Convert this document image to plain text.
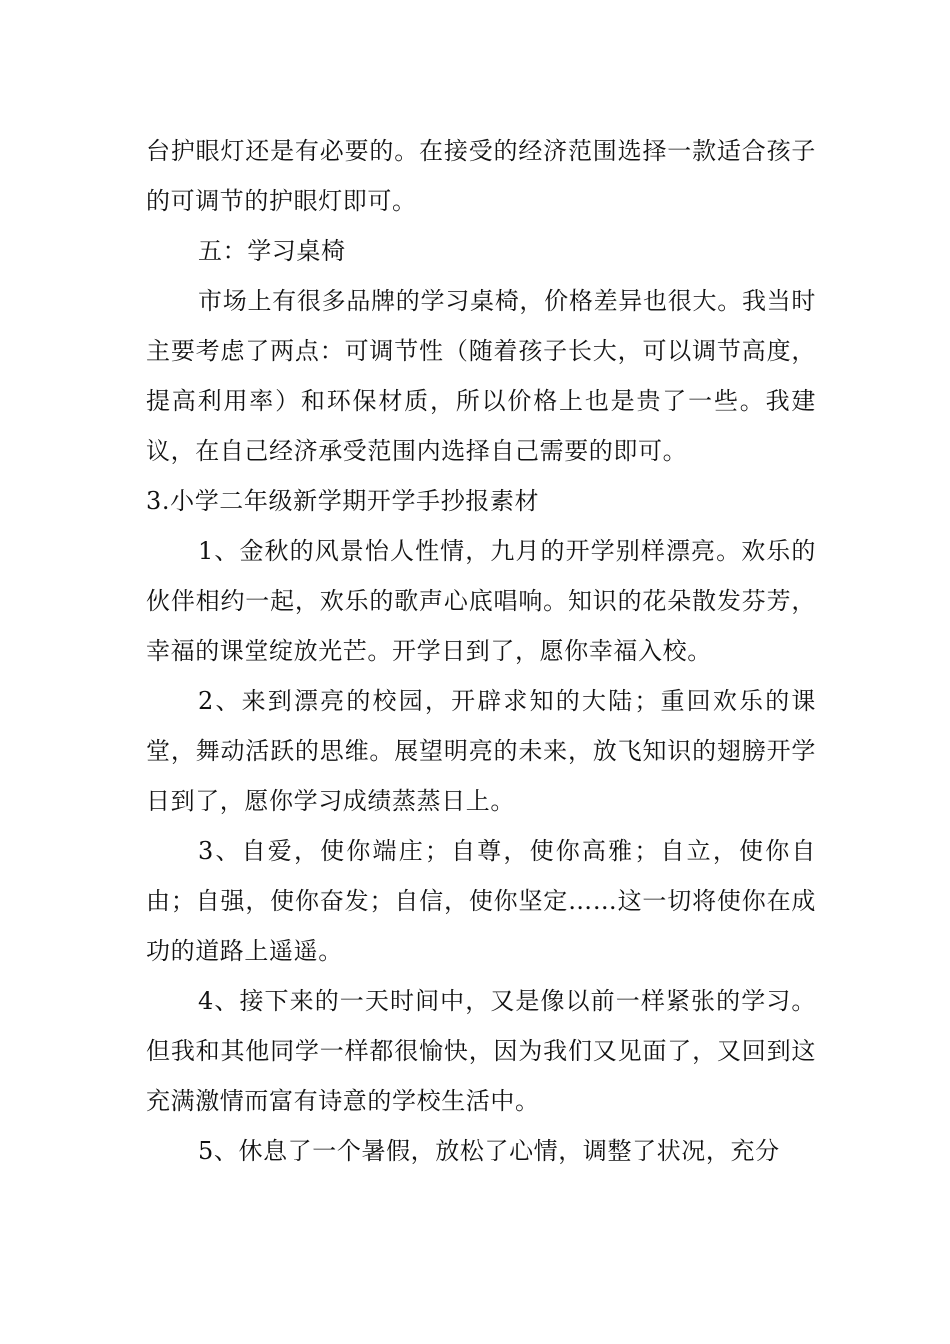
台护眼灯还是有必要的。在接受的经济范围选择一款适合孩子的可调节的护眼灯即可。

五：学习桌椅

市场上有很多品牌的学习桌椅，价格差异也很大。我当时主要考虑了两点：可调节性（随着孩子长大，可以调节高度，提高利用率）和环保材质，所以价格上也是贵了一些。我建议，在自己经济承受范围内选择自己需要的即可。

3.小学二年级新学期开学手抄报素材

1、金秋的风景怡人性情，九月的开学别样漂亮。欢乐的伙伴相约一起，欢乐的歌声心底唱响。知识的花朵散发芬芳，幸福的课堂绽放光芒。开学日到了，愿你幸福入校。

2、来到漂亮的校园，开辟求知的大陆；重回欢乐的课堂，舞动活跃的思维。展望明亮的未来，放飞知识的翅膀开学日到了，愿你学习成绩蒸蒸日上。

3、自爱，使你端庄；自尊，使你高雅；自立，使你自由；自强，使你奋发；自信，使你坚定……这一切将使你在成功的道路上遥遥。

4、接下来的一天时间中，又是像以前一样紧张的学习。但我和其他同学一样都很愉快，因为我们又见面了，又回到这充满激情而富有诗意的学校生活中。

5、休息了一个暑假，放松了心情，调整了状况，充分
